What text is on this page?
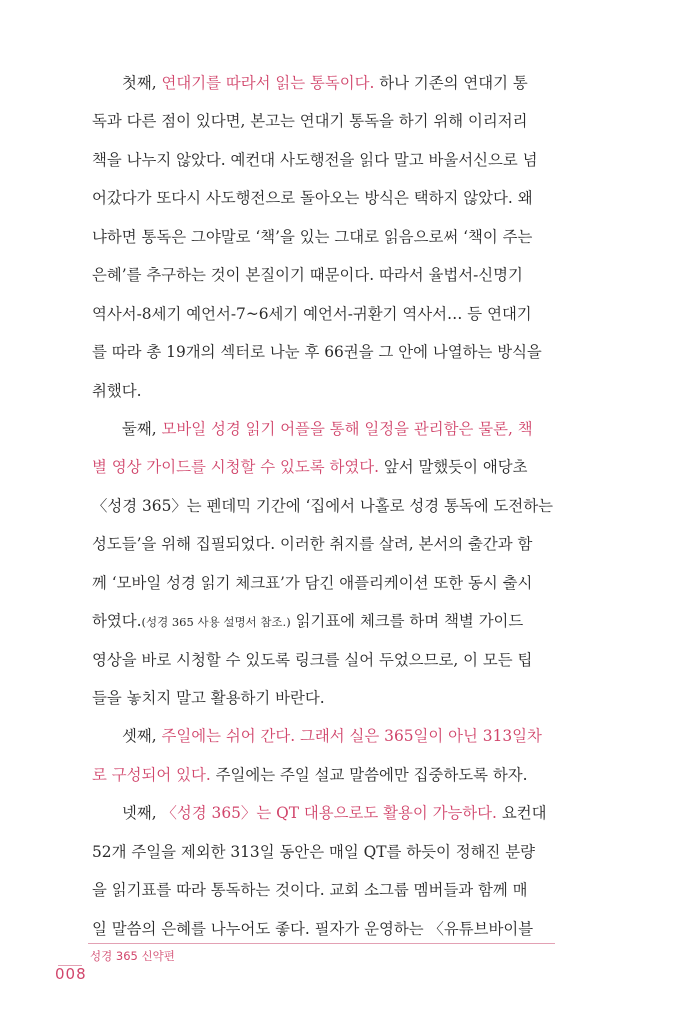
첫째, 연대기를 따라서 읽는 통독이다. 하나 기존의 연대기 통
독과 다른 점이 있다면, 본고는 연대기 통독을 하기 위해 이리저리
책을 나누지 않았다. 예컨대 사도행전을 읽다 말고 바울서신으로 넘
어갔다가 또다시 사도행전으로 돌아오는 방식은 택하지 않았다. 왜
냐하면 통독은 그야말로 ‘책’을 있는 그대로 읽음으로써 ‘책이 주는
은혜’를 추구하는 것이 본질이기 때문이다. 따라서 율법서-신명기
역사서-8세기 예언서-7~6세기 예언서-귀환기 역사서… 등 연대기
를 따라 총 19개의 섹터로 나눈 후 66권을 그 안에 나열하는 방식을
취했다.
둘째, 모바일 성경 읽기 어플을 통해 일정을 관리함은 물론, 책
별 영상 가이드를 시청할 수 있도록 하였다. 앞서 말했듯이 애당초
〈성경 365〉는 펜데믹 기간에 ‘집에서 나홀로 성경 통독에 도전하는
성도들’을 위해 집필되었다. 이러한 취지를 살려, 본서의 출간과 함
께 ‘모바일 성경 읽기 체크표’가 담긴 애플리케이션 또한 동시 출시
하였다.(성경 365 사용 설명서 참조.) 읽기표에 체크를 하며 책별 가이드
영상을 바로 시청할 수 있도록 링크를 실어 두었으므로, 이 모든 팁
들을 놓치지 말고 활용하기 바란다.
셋째, 주일에는 쉬어 간다. 그래서 실은 365일이 아닌 313일차
로 구성되어 있다. 주일에는 주일 설교 말씀에만 집중하도록 하자.
넷째, 〈성경 365〉는 QT 대용으로도 활용이 가능하다. 요컨대
52개 주일을 제외한 313일 동안은 매일 QT를 하듯이 정해진 분량
을 읽기표를 따라 통독하는 것이다. 교회 소그룹 멤버들과 함께 매
일 말씀의 은혜를 나누어도 좋다. 필자가 운영하는 〈유튜브바이블
성경 365 신약편
008
